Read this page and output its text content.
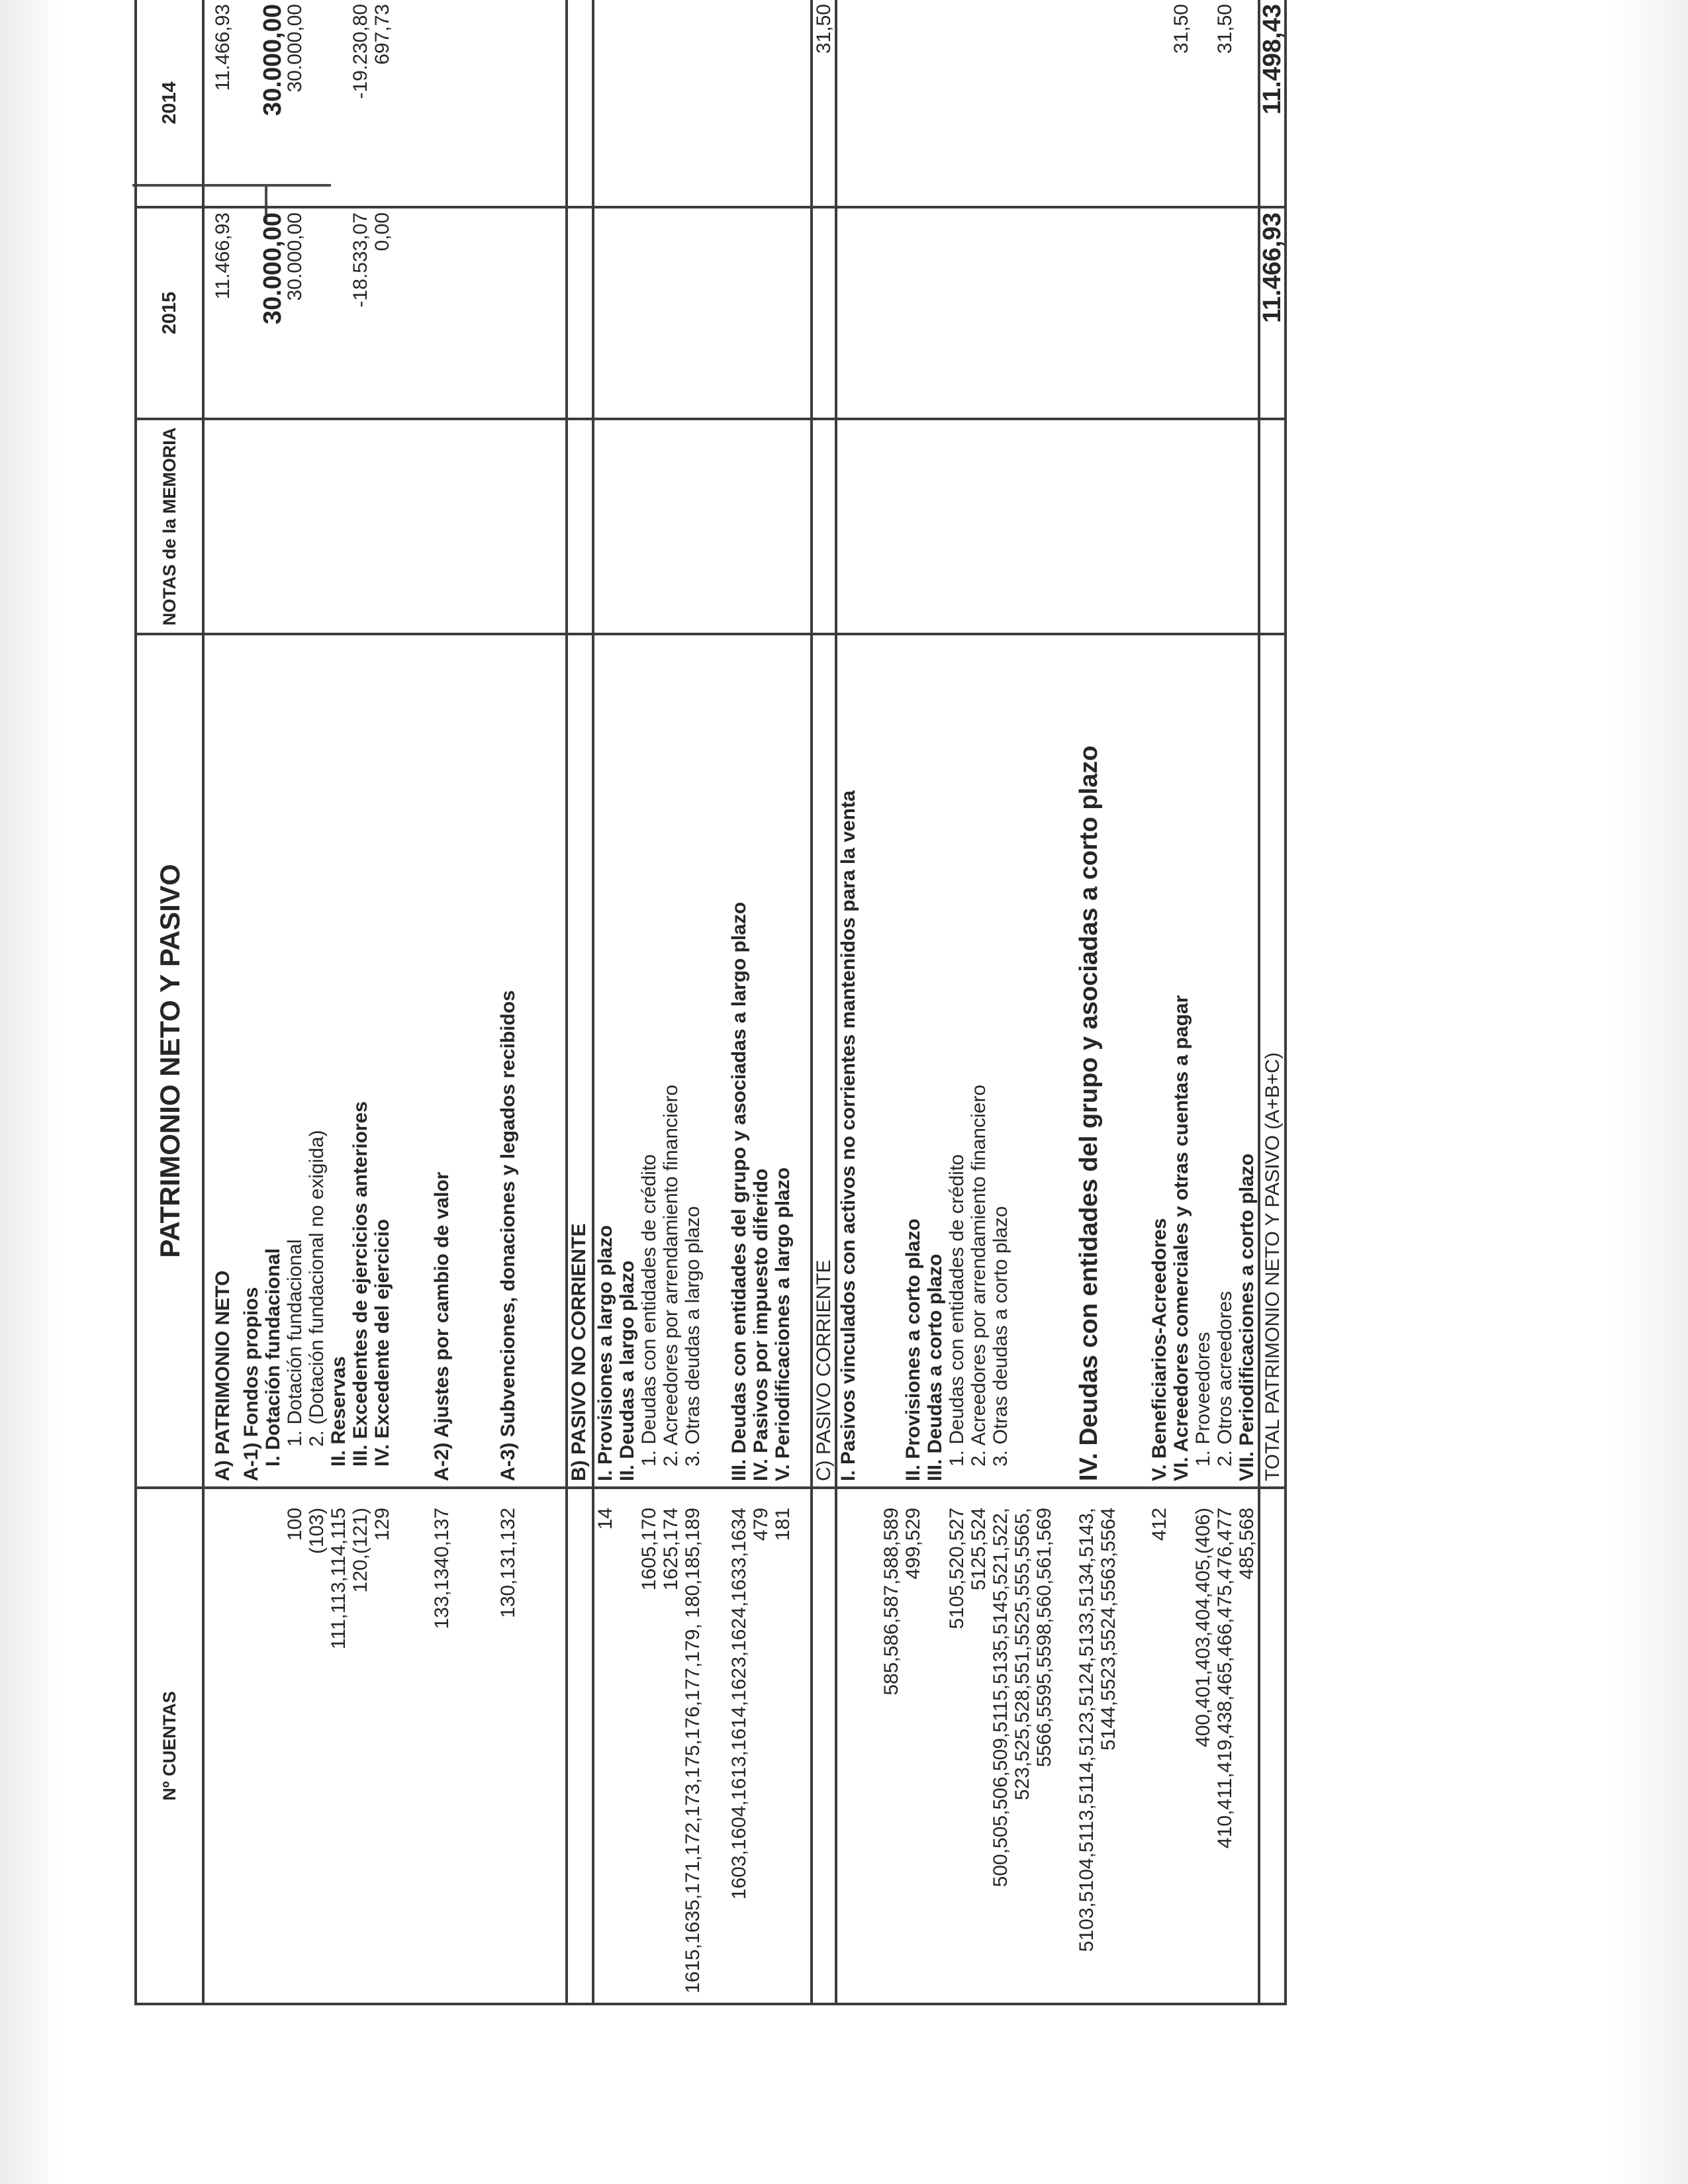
Nº CUENTAS	PATRIMONIO NETO Y PASIVO	NOTAS de la MEMORIA	2015	2014
	A) PATRIMONIO NETO		11.466,93	11.466,93
	A-1) Fondos propios			
	I. Dotación fundacional		30.000,00	30.000,00
100	1. Dotación fundacional		30.000,00	30.000,00
(103)	2. (Dotación fundacional no exigida)			
111,113,114,115	II. Reservas			
120,(121)	III. Excedentes de ejercicios anteriores		-18.533,07	-19.230,80
129	IV. Excedente del ejercicio		0,00	697,73
133,1340,137	A-2) Ajustes por cambio de valor			
130,131,132	A-3) Subvenciones, donaciones y legados recibidos			
	B) PASIVO NO CORRIENTE			
14	I. Provisiones a largo plazo			
	II. Deudas a largo plazo			
1605,170	1. Deudas con entidades de crédito			
1625,174	2. Acreedores por arrendamiento financiero			
1615,1635,171,172,173,175,176,177,179, 180,185,189	3. Otras deudas a largo plazo			
1603,1604,1613,1614,1623,1624,1633,1634	III. Deudas con entidades del grupo y asociadas a largo plazo			
479	IV. Pasivos por impuesto diferido			
181	V. Periodificaciones a largo plazo			
	C) PASIVO CORRIENTE			31,50
585,586,587,588,589	I. Pasivos vinculados con activos no corrientes mantenidos para la venta			
499,529	II. Provisiones a corto plazo			
	III. Deudas a corto plazo			
5105,520,527	1. Deudas con entidades de crédito			
5125,524	2. Acreedores por arrendamiento financiero			
500,505,506,509,5115,5135,5145,521,522, 523,525,528,551,5525,555,5565, 5566,5595,5598,560,561,569	3. Otras deudas a corto plazo			
5103,5104,5113,5114,5123,5124,5133,5134,5143, 5144,5523,5524,5563,5564	IV. Deudas con entidades del grupo y asociadas a corto plazo			
412	V. Beneficiarios-Acreedores			
	VI. Acreedores comerciales y otras cuentas a pagar			31,50
400,401,403,404,405,(406)	1. Proveedores			
410,411,419,438,465,466,475,476,477	2. Otros acreedores			31,50
485,568	VII. Periodificaciones a corto plazo			
	TOTAL PATRIMONIO NETO Y PASIVO (A+B+C)		11.466,93	11.498,43
